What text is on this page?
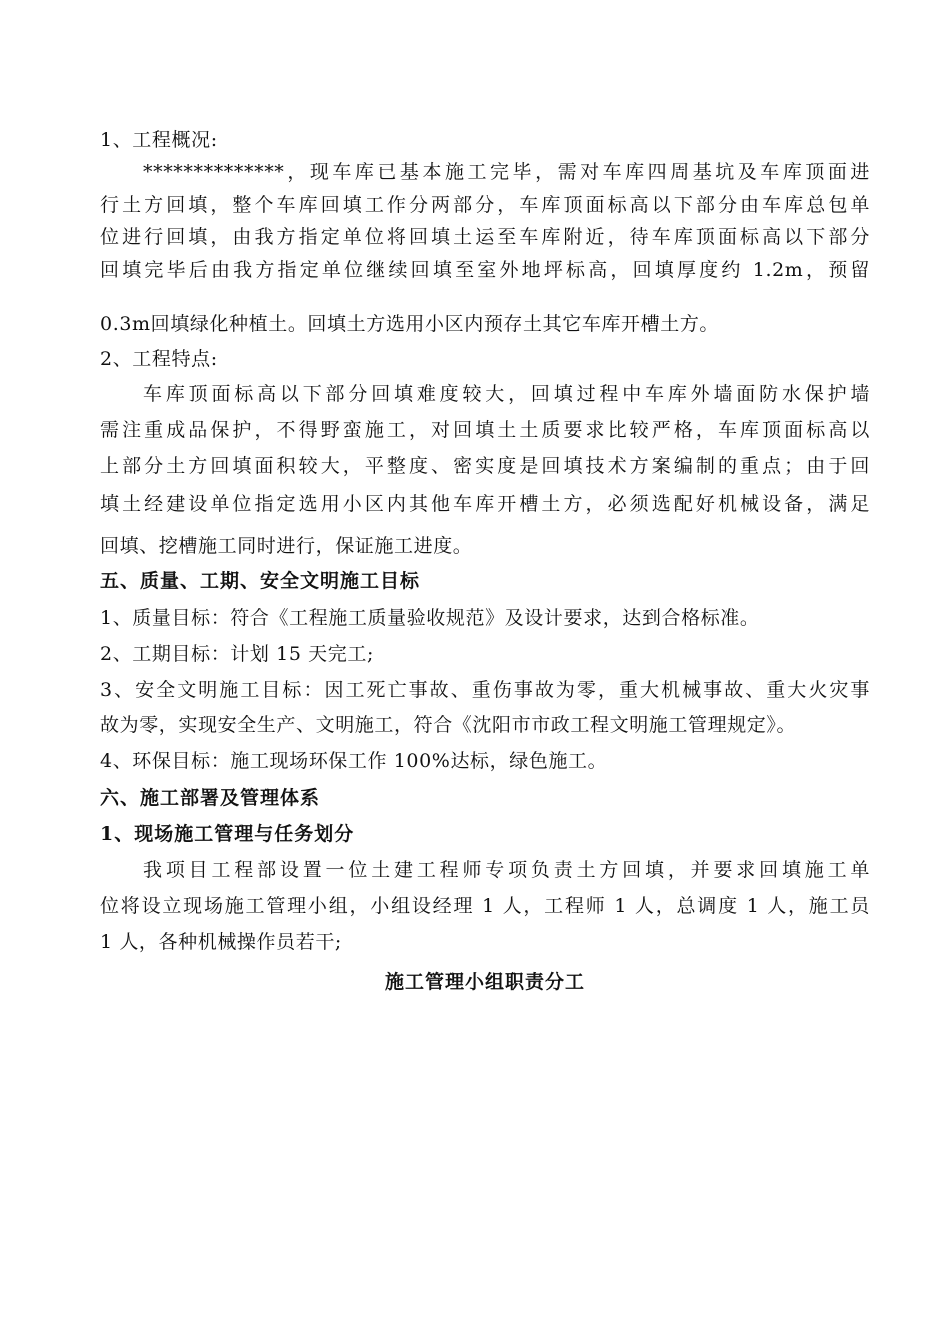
1、工程概况:
**************，现车库已基本施工完毕，需对车库四周基坑及车库顶面进
行土方回填，整个车库回填工作分两部分，车库顶面标高以下部分由车库总包单
位进行回填，由我方指定单位将回填土运至车库附近，待车库顶面标高以下部分
回填完毕后由我方指定单位继续回填至室外地坪标高，回填厚度约 1.2m，预留
0.3m回填绿化种植土。回填土方选用小区内预存土其它车库开槽土方。
2、工程特点:
车库顶面标高以下部分回填难度较大，回填过程中车库外墙面防水保护墙
需注重成品保护，不得野蛮施工，对回填土土质要求比较严格，车库顶面标高以
上部分土方回填面积较大，平整度、密实度是回填技术方案编制的重点；由于回
填土经建设单位指定选用小区内其他车库开槽土方，必须选配好机械设备，满足
回填、挖槽施工同时进行，保证施工进度。
五、质量、工期、安全文明施工目标
1、质量目标：符合《工程施工质量验收规范》及设计要求，达到合格标准。
2、工期目标：计划 15 天完工;
3、安全文明施工目标：因工死亡事故、重伤事故为零，重大机械事故、重大火灾事
故为零，实现安全生产、文明施工，符合《沈阳市市政工程文明施工管理规定》。
4、环保目标：施工现场环保工作 100%达标，绿色施工。
六、施工部署及管理体系
1、现场施工管理与任务划分
我项目工程部设置一位土建工程师专项负责土方回填，并要求回填施工单
位将设立现场施工管理小组，小组设经理 1 人，工程师 1 人，总调度 1 人，施工员
1 人，各种机械操作员若干;
施工管理小组职责分工
